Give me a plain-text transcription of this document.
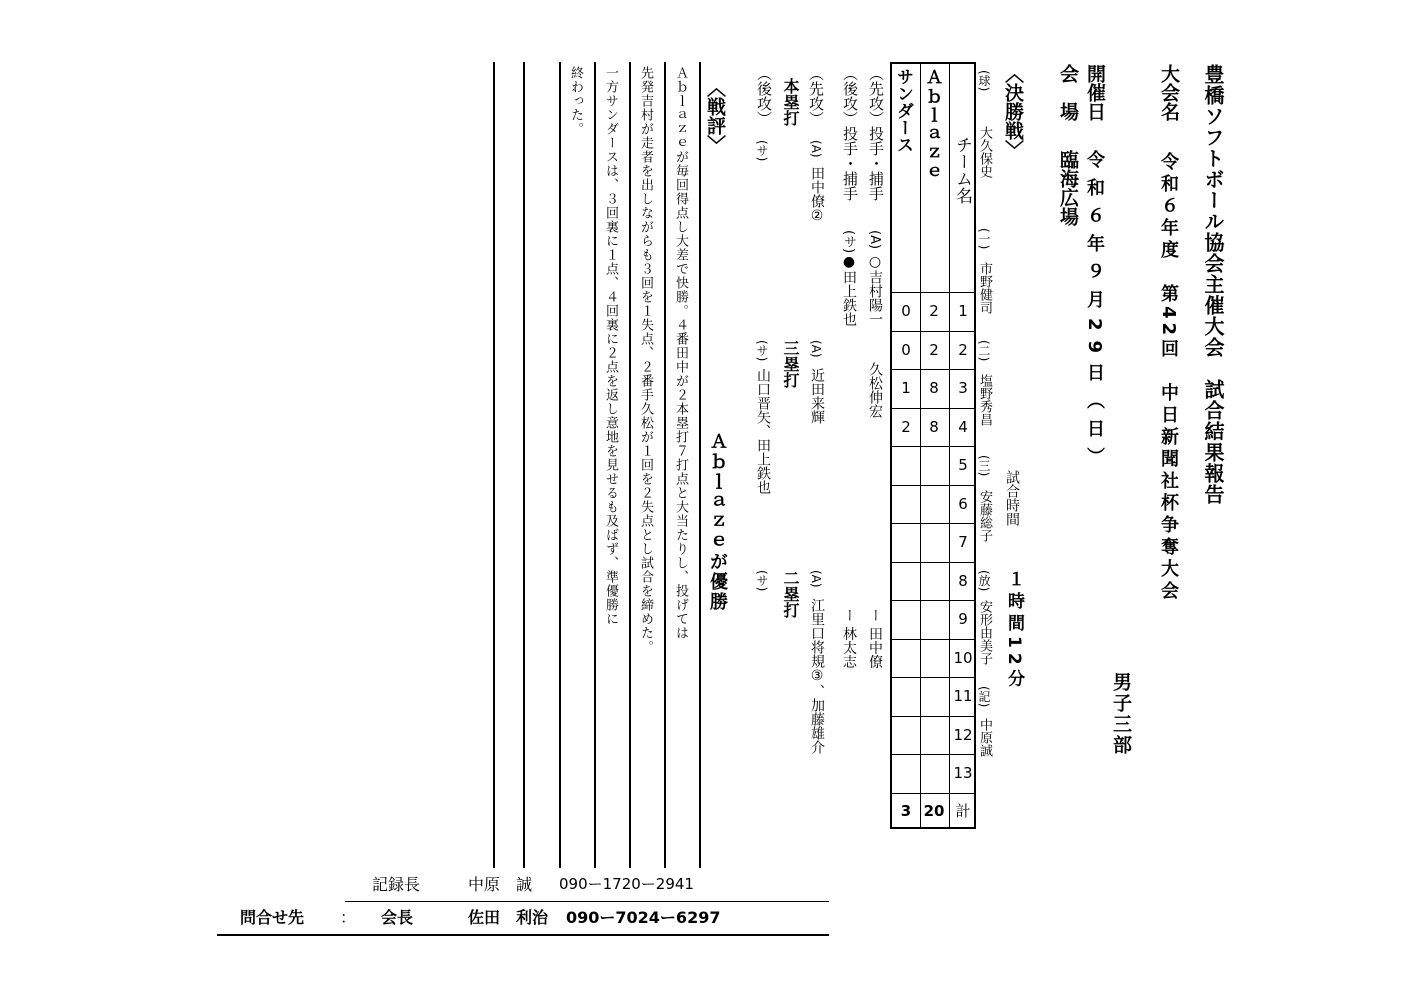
豊橋ソフトボール協会主催大会　試合結果報告
大会名
令和６年度　第42回　中日新聞社杯争奪大会
男子三部
開催日
令和６年９月29日（日）
会　場
臨海広場
試合時間
１時間12分
〈決勝戦〉
(球)
大久保史
(一)
市野健司
(二)
塩野秀昌
(三)
安藤総子
(放)
安形由美子
(記)
中原誠
Ａｂｌａｚｅ
サンダース
チーム名
1
2
0
2
2
0
3
8
1
4
8
2
5
6
7
8
9
10
11
12
13
計
20
3
（先攻）投手・捕手
(A)
○吉村陽一
久松伸宏
ー 田中僚
（後攻）投手・捕手
(サ)
●田上鉄也
ー 林太志
（先攻）
(A)
田中僚②
(A)
近田来輝
(A)
江里口将規③、加藤雄介
本塁打
三塁打
二塁打
（後攻）
(サ)
(サ)
山口晋矢、田上鉄也
(サ)
〈戦評〉
Ａｂｌａｚｅが優勝
Ａｂｌａｚｅが毎回得点し大差で快勝。４番田中が２本塁打７打点と大当たりし、投げては
先発吉村が走者を出しながらも３回を１失点、２番手久松が１回を２失点とし試合を締めた。
一方サンダースは、３回裏に１点、４回裏に２点を返し意地を見せるも及ばず、準優勝に
終わった。
記録長	中原　誠 090ー1720ー2941
問合せ先 ： 会長	佐田　利治 090ー7024ー6297
